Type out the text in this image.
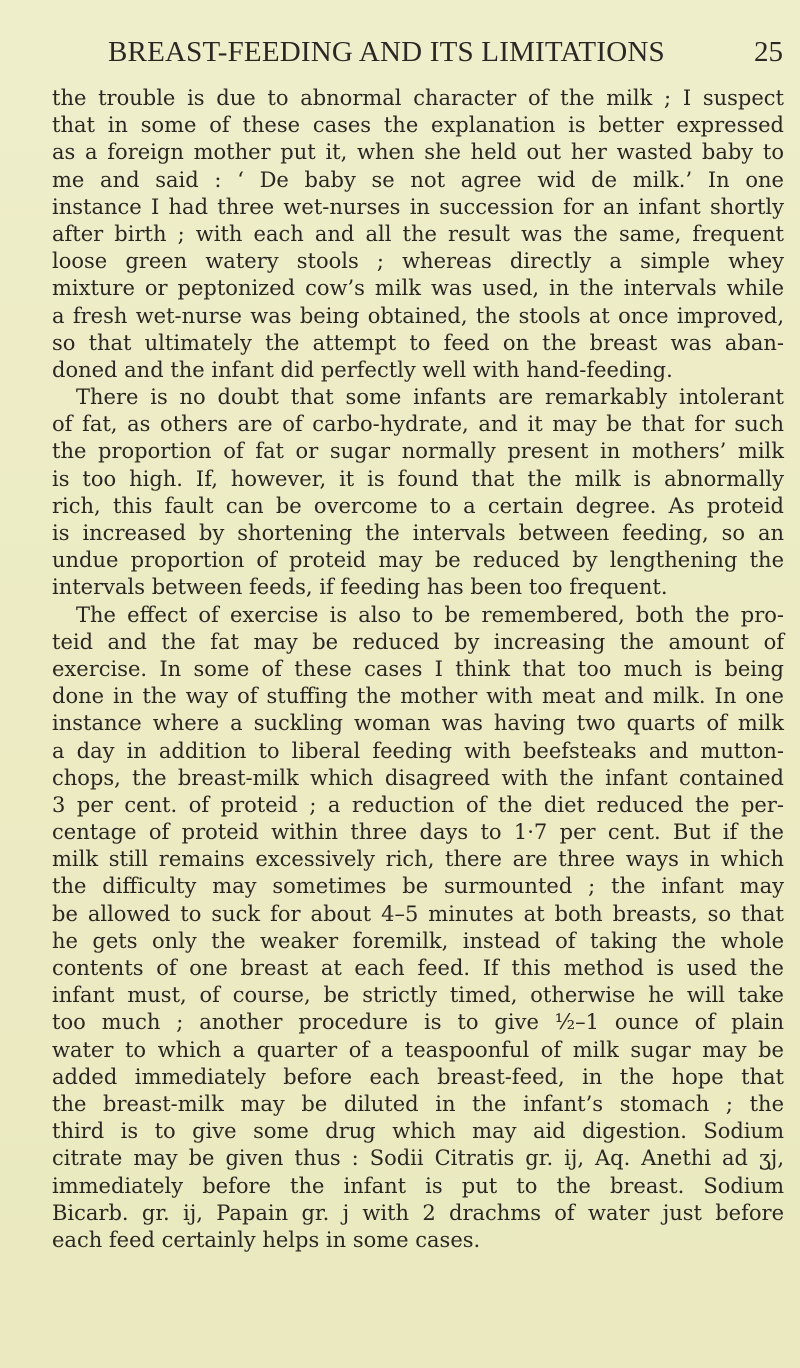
BREAST-FEEDING AND ITS LIMITATIONS	25
the trouble is due to abnormal character of the milk ; I suspect
that in some of these cases the explanation is better expressed
as a foreign mother put it, when she held out her wasted baby to
me and said : ‘ De baby se not agree wid de milk.’ In one
instance I had three wet-nurses in succession for an infant shortly
after birth ; with each and all the result was the same, frequent
loose green watery stools ; whereas directly a simple whey
mixture or peptonized cow’s milk was used, in the intervals while
a fresh wet-nurse was being obtained, the stools at once improved,
so that ultimately the attempt to feed on the breast was aban-
doned and the infant did perfectly well with hand-feeding.
There is no doubt that some infants are remarkably intolerant
of fat, as others are of carbo-hydrate, and it may be that for such
the proportion of fat or sugar normally present in mothers’ milk
is too high. If, however, it is found that the milk is abnormally
rich, this fault can be overcome to a certain degree. As proteid
is increased by shortening the intervals between feeding, so an
undue proportion of proteid may be reduced by lengthening the
intervals between feeds, if feeding has been too frequent.
The effect of exercise is also to be remembered, both the pro-
teid and the fat may be reduced by increasing the amount of
exercise. In some of these cases I think that too much is being
done in the way of stuffing the mother with meat and milk. In one
instance where a suckling woman was having two quarts of milk
a day in addition to liberal feeding with beefsteaks and mutton-
chops, the breast-milk which disagreed with the infant contained
3 per cent. of proteid ; a reduction of the diet reduced the per-
centage of proteid within three days to 1·7 per cent. But if the
milk still remains excessively rich, there are three ways in which
the difficulty may sometimes be surmounted ; the infant may
be allowed to suck for about 4–5 minutes at both breasts, so that
he gets only the weaker foremilk, instead of taking the whole
contents of one breast at each feed. If this method is used the
infant must, of course, be strictly timed, otherwise he will take
too much ; another procedure is to give ½–1 ounce of plain
water to which a quarter of a teaspoonful of milk sugar may be
added immediately before each breast-feed, in the hope that
the breast-milk may be diluted in the infant’s stomach ; the
third is to give some drug which may aid digestion. Sodium
citrate may be given thus : Sodii Citratis gr. ij, Aq. Anethi ad ʒj,
immediately before the infant is put to the breast. Sodium
Bicarb. gr. ij, Papain gr. j with 2 drachms of water just before
each feed certainly helps in some cases.
